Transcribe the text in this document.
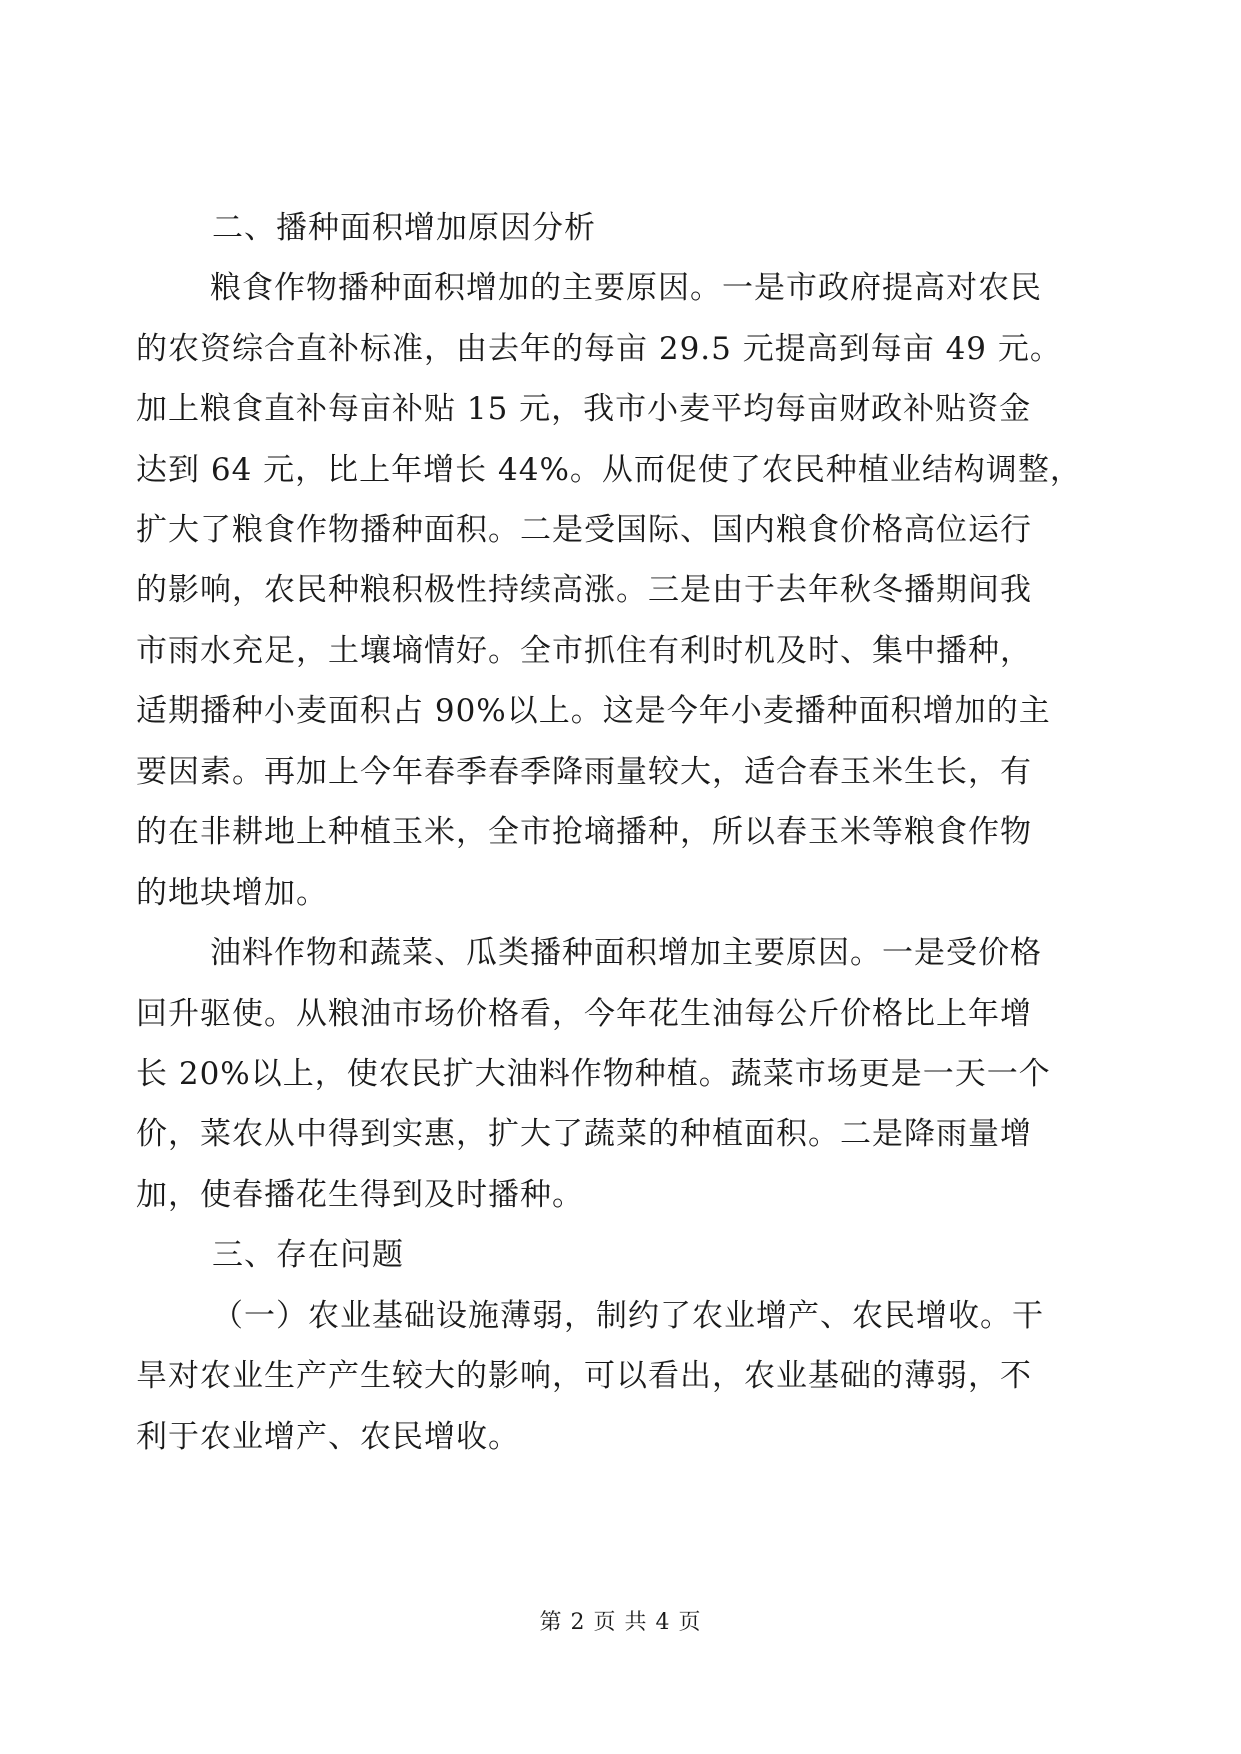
二、播种面积增加原因分析
粮食作物播种面积增加的主要原因。一是市政府提高对农民
的农资综合直补标准，由去年的每亩 29.5 元提高到每亩 49 元。
加上粮食直补每亩补贴 15 元，我市小麦平均每亩财政补贴资金
达到 64 元，比上年增长 44%。从而促使了农民种植业结构调整，
扩大了粮食作物播种面积。二是受国际、国内粮食价格高位运行
的影响，农民种粮积极性持续高涨。三是由于去年秋冬播期间我
市雨水充足，土壤墒情好。全市抓住有利时机及时、集中播种，
适期播种小麦面积占 90%以上。这是今年小麦播种面积增加的主
要因素。再加上今年春季春季降雨量较大，适合春玉米生长，有
的在非耕地上种植玉米，全市抢墒播种，所以春玉米等粮食作物
的地块增加。
油料作物和蔬菜、瓜类播种面积增加主要原因。一是受价格
回升驱使。从粮油市场价格看，今年花生油每公斤价格比上年增
长 20%以上，使农民扩大油料作物种植。蔬菜市场更是一天一个
价，菜农从中得到实惠，扩大了蔬菜的种植面积。二是降雨量增
加，使春播花生得到及时播种。
三、存在问题
（一）农业基础设施薄弱，制约了农业增产、农民增收。干
旱对农业生产产生较大的影响，可以看出，农业基础的薄弱，不
利于农业增产、农民增收。
第 2 页 共 4 页
